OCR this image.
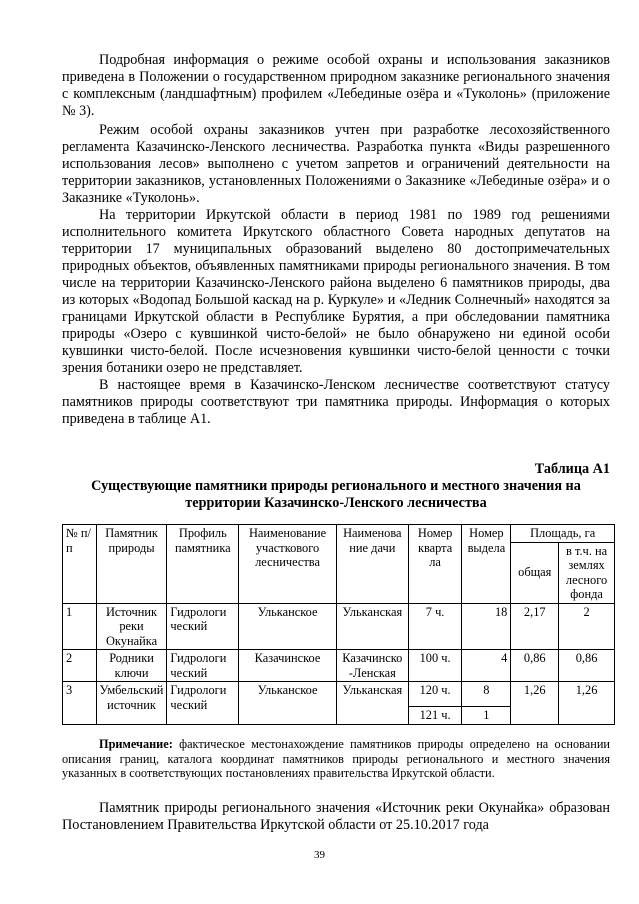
Подробная информация о режиме особой охраны и использования заказников приведена в Положении о государственном природном заказнике регионального значения с комплексным (ландшафтным) профилем «Лебединые озёра и «Туколонь» (приложение № 3).

Режим особой охраны заказников учтен при разработке лесохозяйственного регламента Казачинско-Ленского лесничества. Разработка пункта «Виды разрешенного использования лесов» выполнено с учетом запретов и ограничений деятельности на территории заказников, установленных Положениями о Заказнике «Лебединые озёра» и о Заказнике «Туколонь».

На территории Иркутской области в период 1981 по 1989 год решениями исполнительного комитета Иркутского областного Совета народных депутатов на территории 17 муниципальных образований выделено 80 достопримечательных природных объектов, объявленных памятниками природы регионального значения. В том числе на территории Казачинско-Ленского района выделено 6 памятников природы, два из которых «Водопад Большой каскад на р. Куркуле» и «Ледник Солнечный» находятся за границами Иркутской области в Республике Бурятия, а при обследовании памятника природы «Озеро с кувшинкой чисто-белой» не было обнаружено ни единой особи кувшинки чисто-белой. После исчезновения кувшинки чисто-белой ценности с точки зрения ботаники озеро не представляет.

В настоящее время в Казачинско-Ленском лесничестве соответствуют статусу памятников природы соответствуют три памятника природы. Информация о которых приведена в таблице А1.

Таблица А1
Существующие памятники природы регионального и местного значения на территории Казачинско-Ленского лесничества
№ п/п	Памятник природы	Профиль памятника	Наименование участкового лесничества	Наименова ние дачи	Номер кварта ла	Номер выдела	Площадь, га	
							общая	в т.ч. на землях лесного фонда
1	Источник реки Окунайка	Гидрологи ческий	Ульканское	Ульканская	7 ч.	18	2,17	2
2	Родники ключи	Гидрологи ческий	Казачинское	Казачинско -Ленская	100 ч.	4	0,86	0,86
3	Умбельский источник	Гидрологи ческий	Ульканское	Ульканская	120 ч.	8	1,26	1,26
					121 ч.	1		
Примечание: фактическое местонахождение памятников природы определено на основании описания границ, каталога координат памятников природы регионального и местного значения указанных в соответствующих постановлениях правительства Иркутской области.

Памятник природы регионального значения «Источник реки Окунайка» образован Постановлением Правительства Иркутской области от 25.10.2017 года

39
